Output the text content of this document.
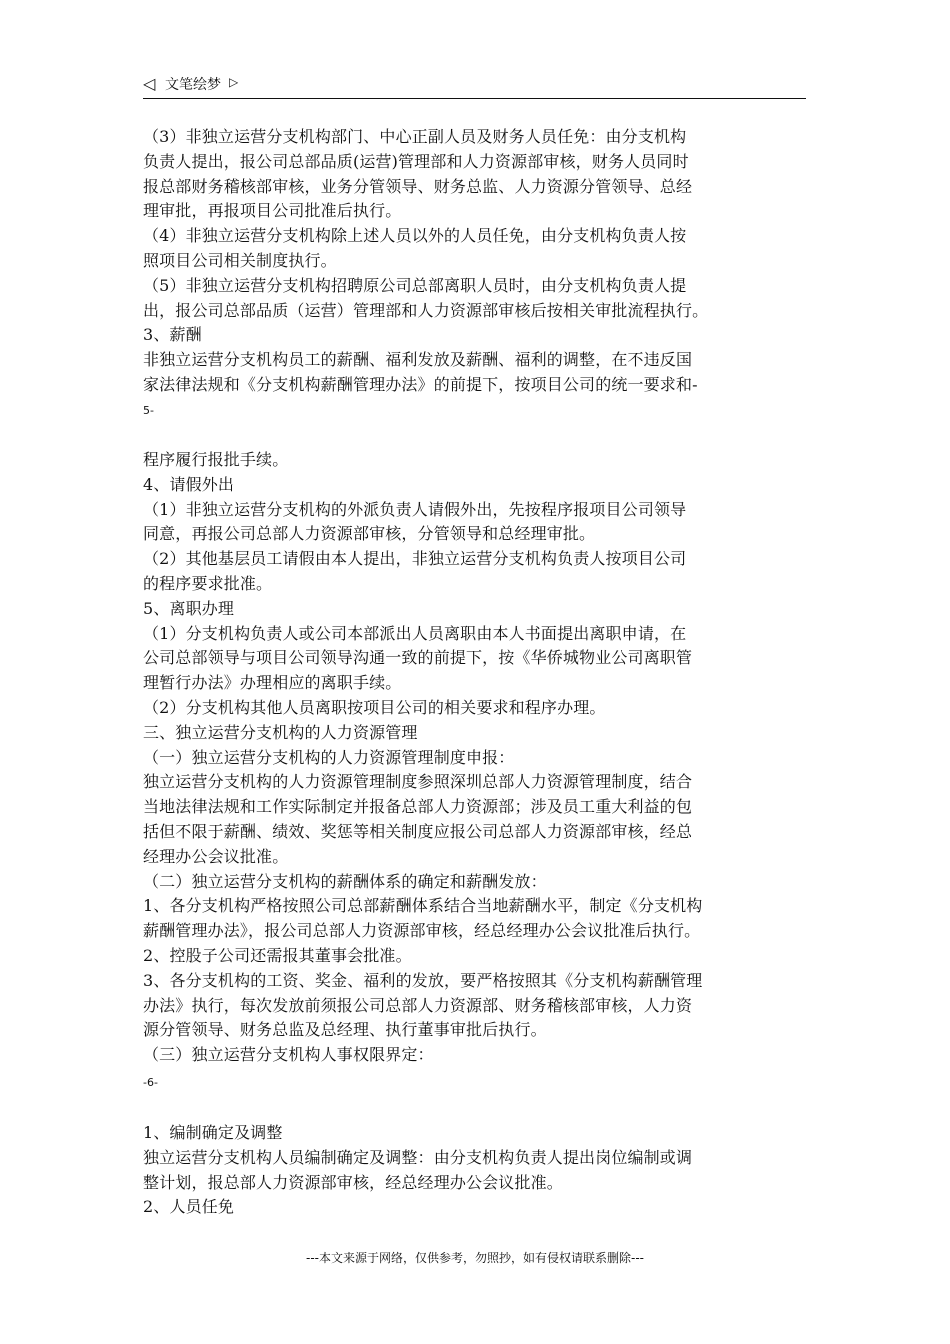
◁ 文笔绘梦 ▷
（3）非独立运营分支机构部门、中心正副人员及财务人员任免：由分支机构
负责人提出，报公司总部品质(运营)管理部和人力资源部审核，财务人员同时
报总部财务稽核部审核，业务分管领导、财务总监、人力资源分管领导、总经
理审批，再报项目公司批准后执行。
（4）非独立运营分支机构除上述人员以外的人员任免，由分支机构负责人按
照项目公司相关制度执行。
（5）非独立运营分支机构招聘原公司总部离职人员时，由分支机构负责人提
出，报公司总部品质（运营）管理部和人力资源部审核后按相关审批流程执行。
3、薪酬
非独立运营分支机构员工的薪酬、福利发放及薪酬、福利的调整，在不违反国
家法律法规和《分支机构薪酬管理办法》的前提下，按项目公司的统一要求和-
5-
程序履行报批手续。
4、请假外出
（1）非独立运营分支机构的外派负责人请假外出，先按程序报项目公司领导
同意，再报公司总部人力资源部审核，分管领导和总经理审批。
（2）其他基层员工请假由本人提出，非独立运营分支机构负责人按项目公司
的程序要求批准。
5、离职办理
（1）分支机构负责人或公司本部派出人员离职由本人书面提出离职申请，在
公司总部领导与项目公司领导沟通一致的前提下，按《华侨城物业公司离职管
理暂行办法》办理相应的离职手续。
（2）分支机构其他人员离职按项目公司的相关要求和程序办理。
三、独立运营分支机构的人力资源管理
（一）独立运营分支机构的人力资源管理制度申报：
独立运营分支机构的人力资源管理制度参照深圳总部人力资源管理制度，结合
当地法律法规和工作实际制定并报备总部人力资源部；涉及员工重大利益的包
括但不限于薪酬、绩效、奖惩等相关制度应报公司总部人力资源部审核，经总
经理办公会议批准。
（二）独立运营分支机构的薪酬体系的确定和薪酬发放：
1、各分支机构严格按照公司总部薪酬体系结合当地薪酬水平，制定《分支机构
薪酬管理办法》，报公司总部人力资源部审核，经总经理办公会议批准后执行。
2、控股子公司还需报其董事会批准。
3、各分支机构的工资、奖金、福利的发放，要严格按照其《分支机构薪酬管理
办法》执行，每次发放前须报公司总部人力资源部、财务稽核部审核，人力资
源分管领导、财务总监及总经理、执行董事审批后执行。
（三）独立运营分支机构人事权限界定：
-6-
1、编制确定及调整
独立运营分支机构人员编制确定及调整：由分支机构负责人提出岗位编制或调
整计划，报总部人力资源部审核，经总经理办公会议批准。
2、人员任免
---本文来源于网络，仅供参考，勿照抄，如有侵权请联系删除---
